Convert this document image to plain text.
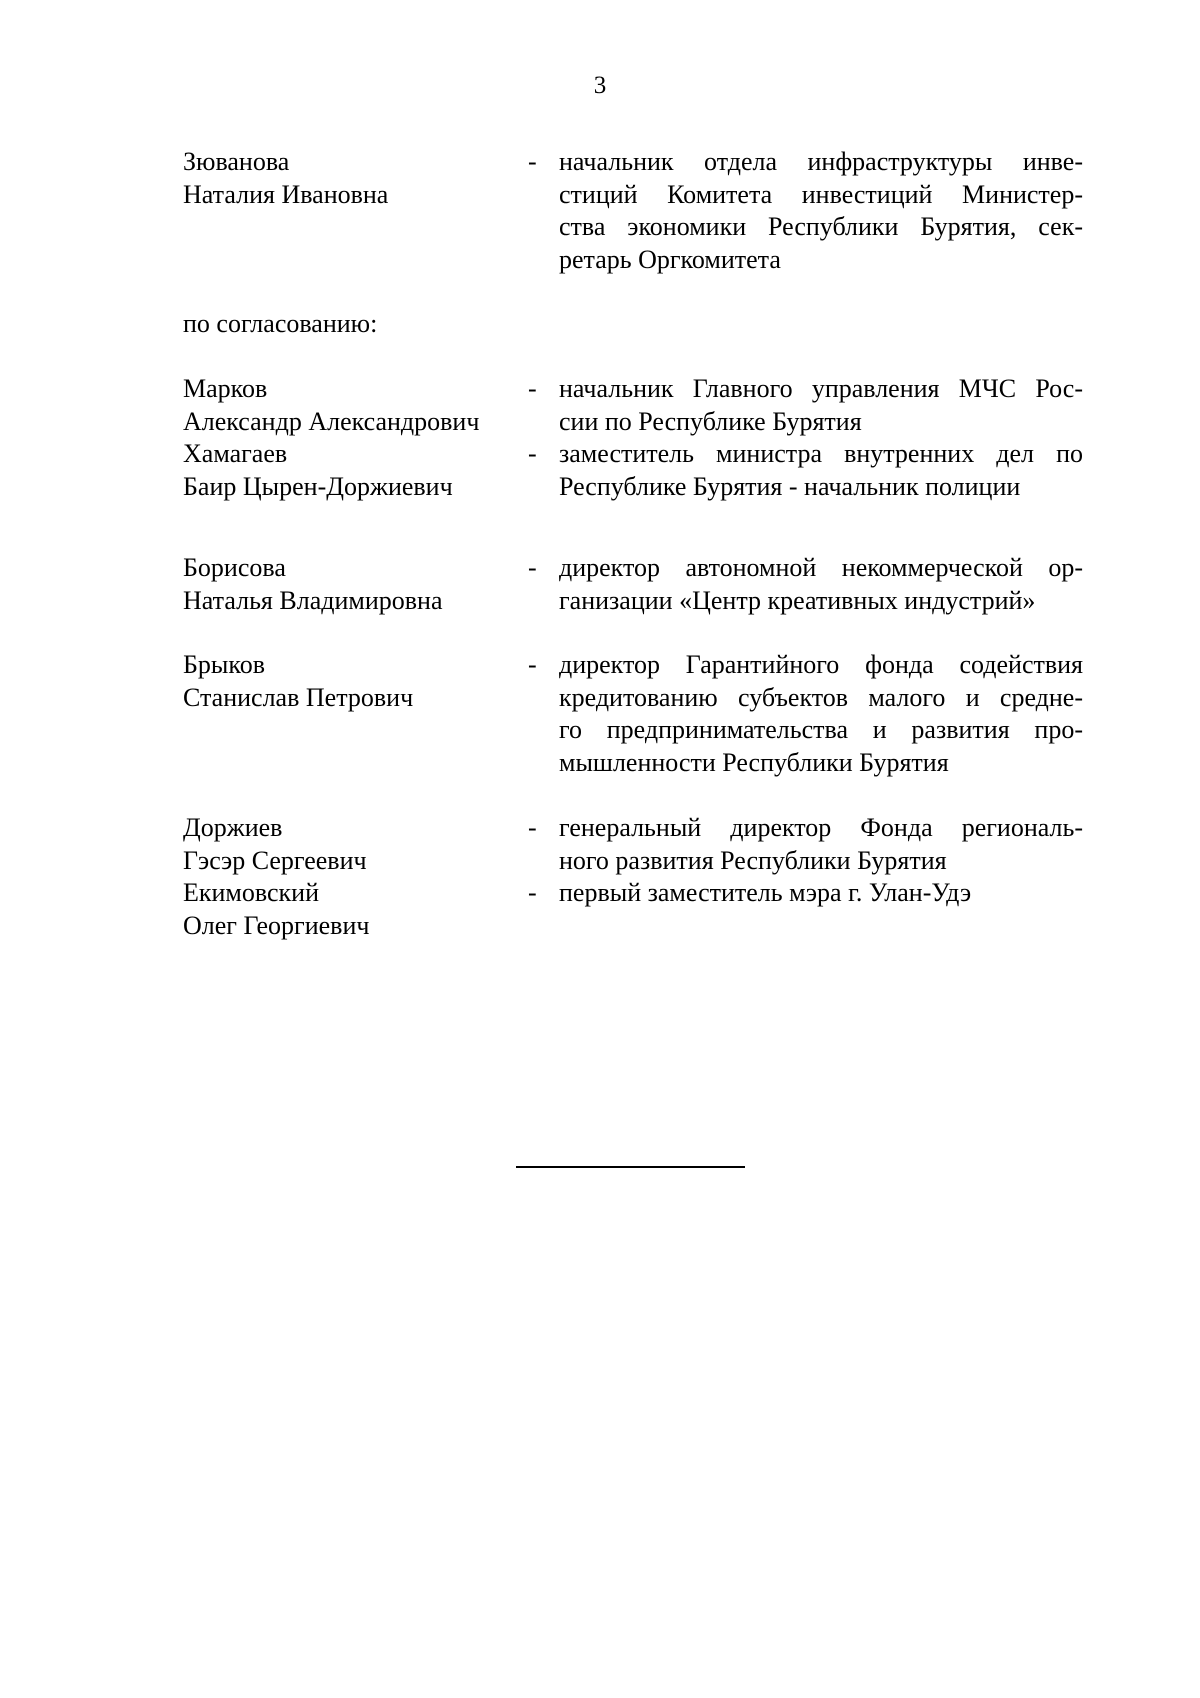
3
Зюванова
Наталия Ивановна
- начальник отдела инфраструктуры инве-
стиций Комитета инвестиций Министер-
ства экономики Республики Бурятия, сек-
ретарь Оргкомитета
по согласованию:
Марков
Александр Александрович
- начальник Главного управления МЧС Рос-
сии по Республике Бурятия
Хамагаев
Баир Цырен-Доржиевич
- заместитель министра внутренних дел по
Республике Бурятия - начальник полиции
Борисова
Наталья Владимировна
- директор автономной некоммерческой ор-
ганизации «Центр креативных индустрий»
Брыков
Станислав Петрович
- директор Гарантийного фонда содействия
кредитованию субъектов малого и средне-
го предпринимательства и развития про-
мышленности Республики Бурятия
Доржиев
Гэсэр Сергеевич
- генеральный директор Фонда региональ-
ного развития Республики Бурятия
Екимовский
Олег Георгиевич
- первый заместитель мэра г. Улан-Удэ
